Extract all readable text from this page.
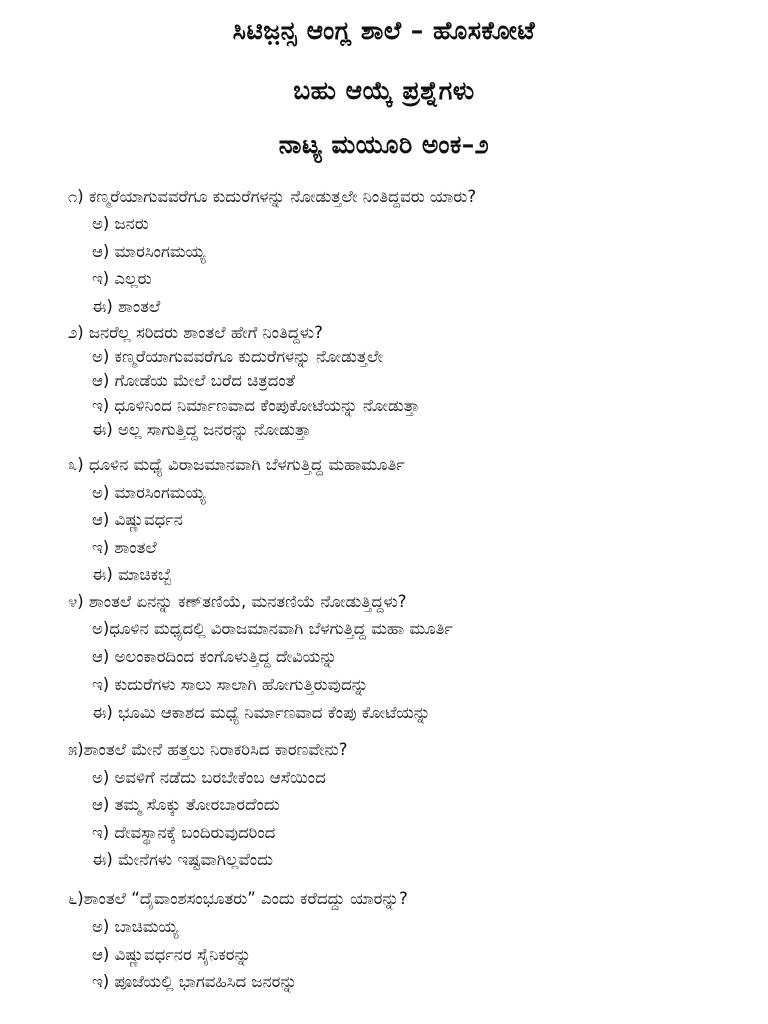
ಸಿಟಿಜ಼ನ್ಸ ಆಂಗ್ಲ ಶಾಲೆ – ಹೊಸಕೋಟೆ
ಬಹು ಆಯ್ಕೆ ಪ್ರಶ್ನೆಗಳು
ನಾಟ್ಯ ಮಯೂರಿ ಅಂಕ–೨
೧) ಕಣ್ಮರೆಯಾಗುವವರೆಗೂ ಕುದುರೆಗಳನ್ನು ನೋಡುತ್ತಲೇ ನಿಂತಿದ್ದವರು ಯಾರು?
ಅ) ಜನರು
ಆ) ಮಾರಸಿಂಗಮಯ್ಯ
ಇ) ಎಲ್ಲರು
ಈ) ಶಾಂತಲೆ
೨) ಜನರೆಲ್ಲ ಸರಿದರು ಶಾಂತಲೆ ಹೇಗೆ ನಿಂತಿದ್ದಳು?
ಅ) ಕಣ್ಮರೆಯಾಗುವವರೆಗೂ ಕುದುರೆಗಳನ್ನು ನೋಡುತ್ತಲೇ
ಆ) ಗೋಡೆಯ ಮೇಲೆ ಬರೆದ ಚಿತ್ರದಂತೆ
ಇ) ಧೂಳಿನಿಂದ ನಿರ್ಮಾಣವಾದ ಕೆಂಪುಕೋಟೆಯನ್ನು ನೋಡುತ್ತಾ
ಈ) ಅಲ್ಲ ಸಾಗುತ್ತಿದ್ದ ಜನರನ್ನು ನೋಡುತ್ತಾ
೩) ಧೂಳಿನ ಮಧ್ಯೆ ವಿರಾಜಮಾನವಾಗಿ ಬೆಳಗುತ್ತಿದ್ದ ಮಹಾಮೂರ್ತಿ
ಅ) ಮಾರಸಿಂಗಮಯ್ಯ
ಆ) ವಿಷ್ಣುವರ್ಧನ
ಇ) ಶಾಂತಲೆ
ಈ) ಮಾಚಿಕಬ್ಬೆ
೪) ಶಾಂತಲೆ ಏನನ್ನು ಕಣ್‌ತಣಿಯೆ, ಮನತಣಿಯೆ ನೋಡುತ್ತಿದ್ದಳು?
ಅ)ಧೂಳಿನ ಮಧ್ಯದಲ್ಲಿ ವಿರಾಜಮಾನವಾಗಿ ಬೆಳಗುತ್ತಿದ್ದ ಮಹಾ ಮೂರ್ತಿ
ಆ) ಅಲಂಕಾರದಿಂದ ಕಂಗೊಳುತ್ತಿದ್ದ ದೇವಿಯನ್ನು
ಇ) ಕುದುರೆಗಳು ಸಾಲು ಸಾಲಾಗಿ ಹೋಗುತ್ತಿರುವುದನ್ನು
ಈ) ಭೂಮಿ ಆಕಾಶದ ಮಧ್ಯೆ ನಿರ್ಮಾಣವಾದ ಕೆಂಪು ಕೋಟೆಯನ್ನು
೫)ಶಾಂತಲೆ ಮೇನೆ ಹತ್ತಲು ನಿರಾಕರಿಸಿದ ಕಾರಣವೇನು?
ಅ) ಅವಳಿಗೆ ನಡೆದು ಬರಬೇಕೆಂಬ ಆಸೆಯಿಂದ
ಆ) ತಮ್ಮ ಸೊಕ್ಕು ತೋರಬಾರದೆಂದು
ಇ) ದೇವಸ್ಥಾನಕ್ಕೆ ಬಂದಿರುವುದರಿಂದ
ಈ) ಮೇನೆಗಳು ಇಷ್ಟವಾಗಿಲ್ಲವೆಂದು
೬)ಶಾಂತಲೆ “ದೈವಾಂಶಸಂಭೂತರು” ಎಂದು ಕರೆದದ್ದು ಯಾರನ್ನು?
ಅ) ಬಾಚಿಮಯ್ಯ
ಆ) ವಿಷ್ಣುವರ್ಧನರ ಸೈನಿಕರನ್ನು
ಇ) ಪೂಜೆಯಲ್ಲಿ ಭಾಗವಹಿಸಿದ ಜನರನ್ನು
